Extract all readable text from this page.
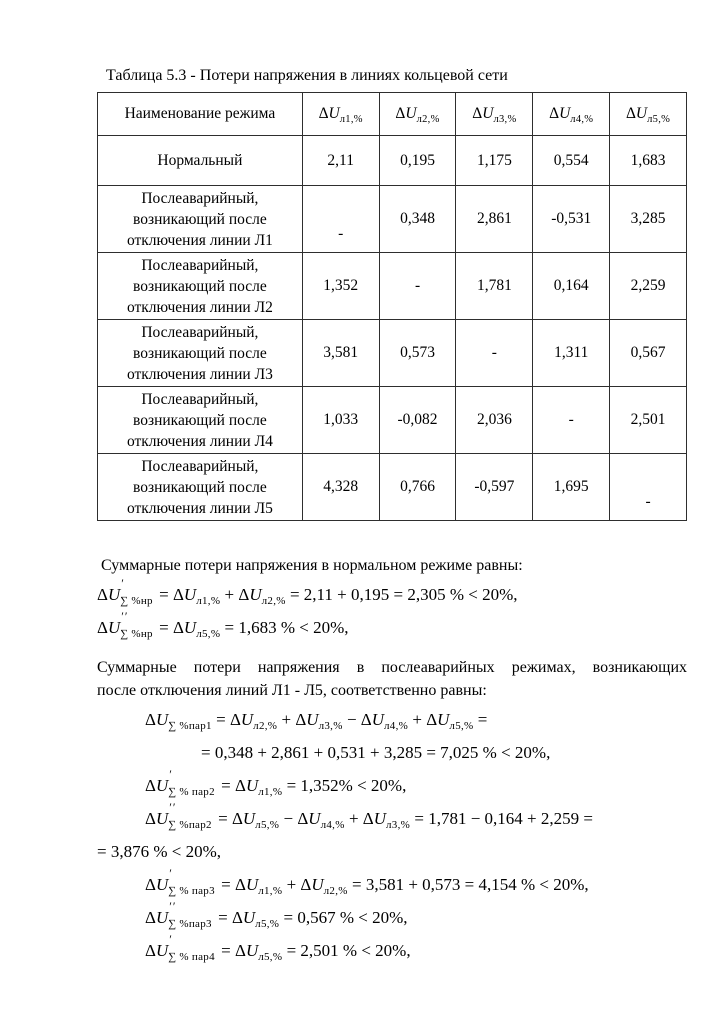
Таблица 5.3 - Потери напряжения в линиях кольцевой сети
Наименование режима	$\Delta U_{л1,\%}$	$\Delta U_{л2,\%}$	$\Delta U_{л3,\%}$	$\Delta U_{л4,\%}$	$\Delta U_{л5,\%}$

Нормальный	2,11	0,195	1,175	0,554	1,683

Послеаварийный,
возникающий после
отключения линии Л1	-	0,348	2,861	-0,531	3,285

Послеаварийный,
возникающий после
отключения линии Л2	1,352	-	1,781	0,164	2,259

Послеаварийный,
возникающий после
отключения линии Л3	3,581	0,573	-	1,311	0,567

Послеаварийный,
возникающий после
отключения линии Л4	1,033	-0,082	2,036	-	2,501

Послеаварийный,
возникающий после
отключения линии Л5	4,328	0,766	-0,597	1,695	-

Суммарные потери напряжения в нормальном режиме равны:

ΔU
′
∑ $\%нр = \Delta U_{л1,\%} + \Delta U_{л2,\%} = 2,11 + 0,195 = 2,305$ % < 20%,
ΔU
′′
∑ $\%нр = \Delta U_{л5,\%} = 1,683$ % < 20%,
Суммарные потери напряжения в послеаварийных режимах, возникающих
после отключения линий Л1 - Л5, соответственно равны:
$\Delta U_{\sum \%пар1} = \Delta U_{л2,\%} + \Delta U_{л3,\%} - \Delta U_{л4,\%} + \Delta U_{л5,\%}$ =
= 0,348 + 2,861 + 0,531 + 3,285 = 7,025 % < 20%,
ΔU
′
∑ % $пар2 = \Delta U_{л1,\%} = 1,352\% < 20\%$,
ΔU
′′
∑ $\%пар2 = \Delta U_{л5,\%} - \Delta U_{л4,\%} + \Delta U_{л3,\%} = 1,781 - 0,164 + 2,259$ =
= 3,876 % < 20%,
ΔU
′
∑ % $пар3 = \Delta U_{л1,\%} + \Delta U_{л2,\%} = 3,581 + 0,573 = 4,154$ % < 20%,
ΔU
′′
∑ $\%пар3 = \Delta U_{л5,\%} = 0,567$ % < 20%,
ΔU
′
∑ % $пар4 = \Delta U_{л5,\%} = 2,501$ % < 20%,
